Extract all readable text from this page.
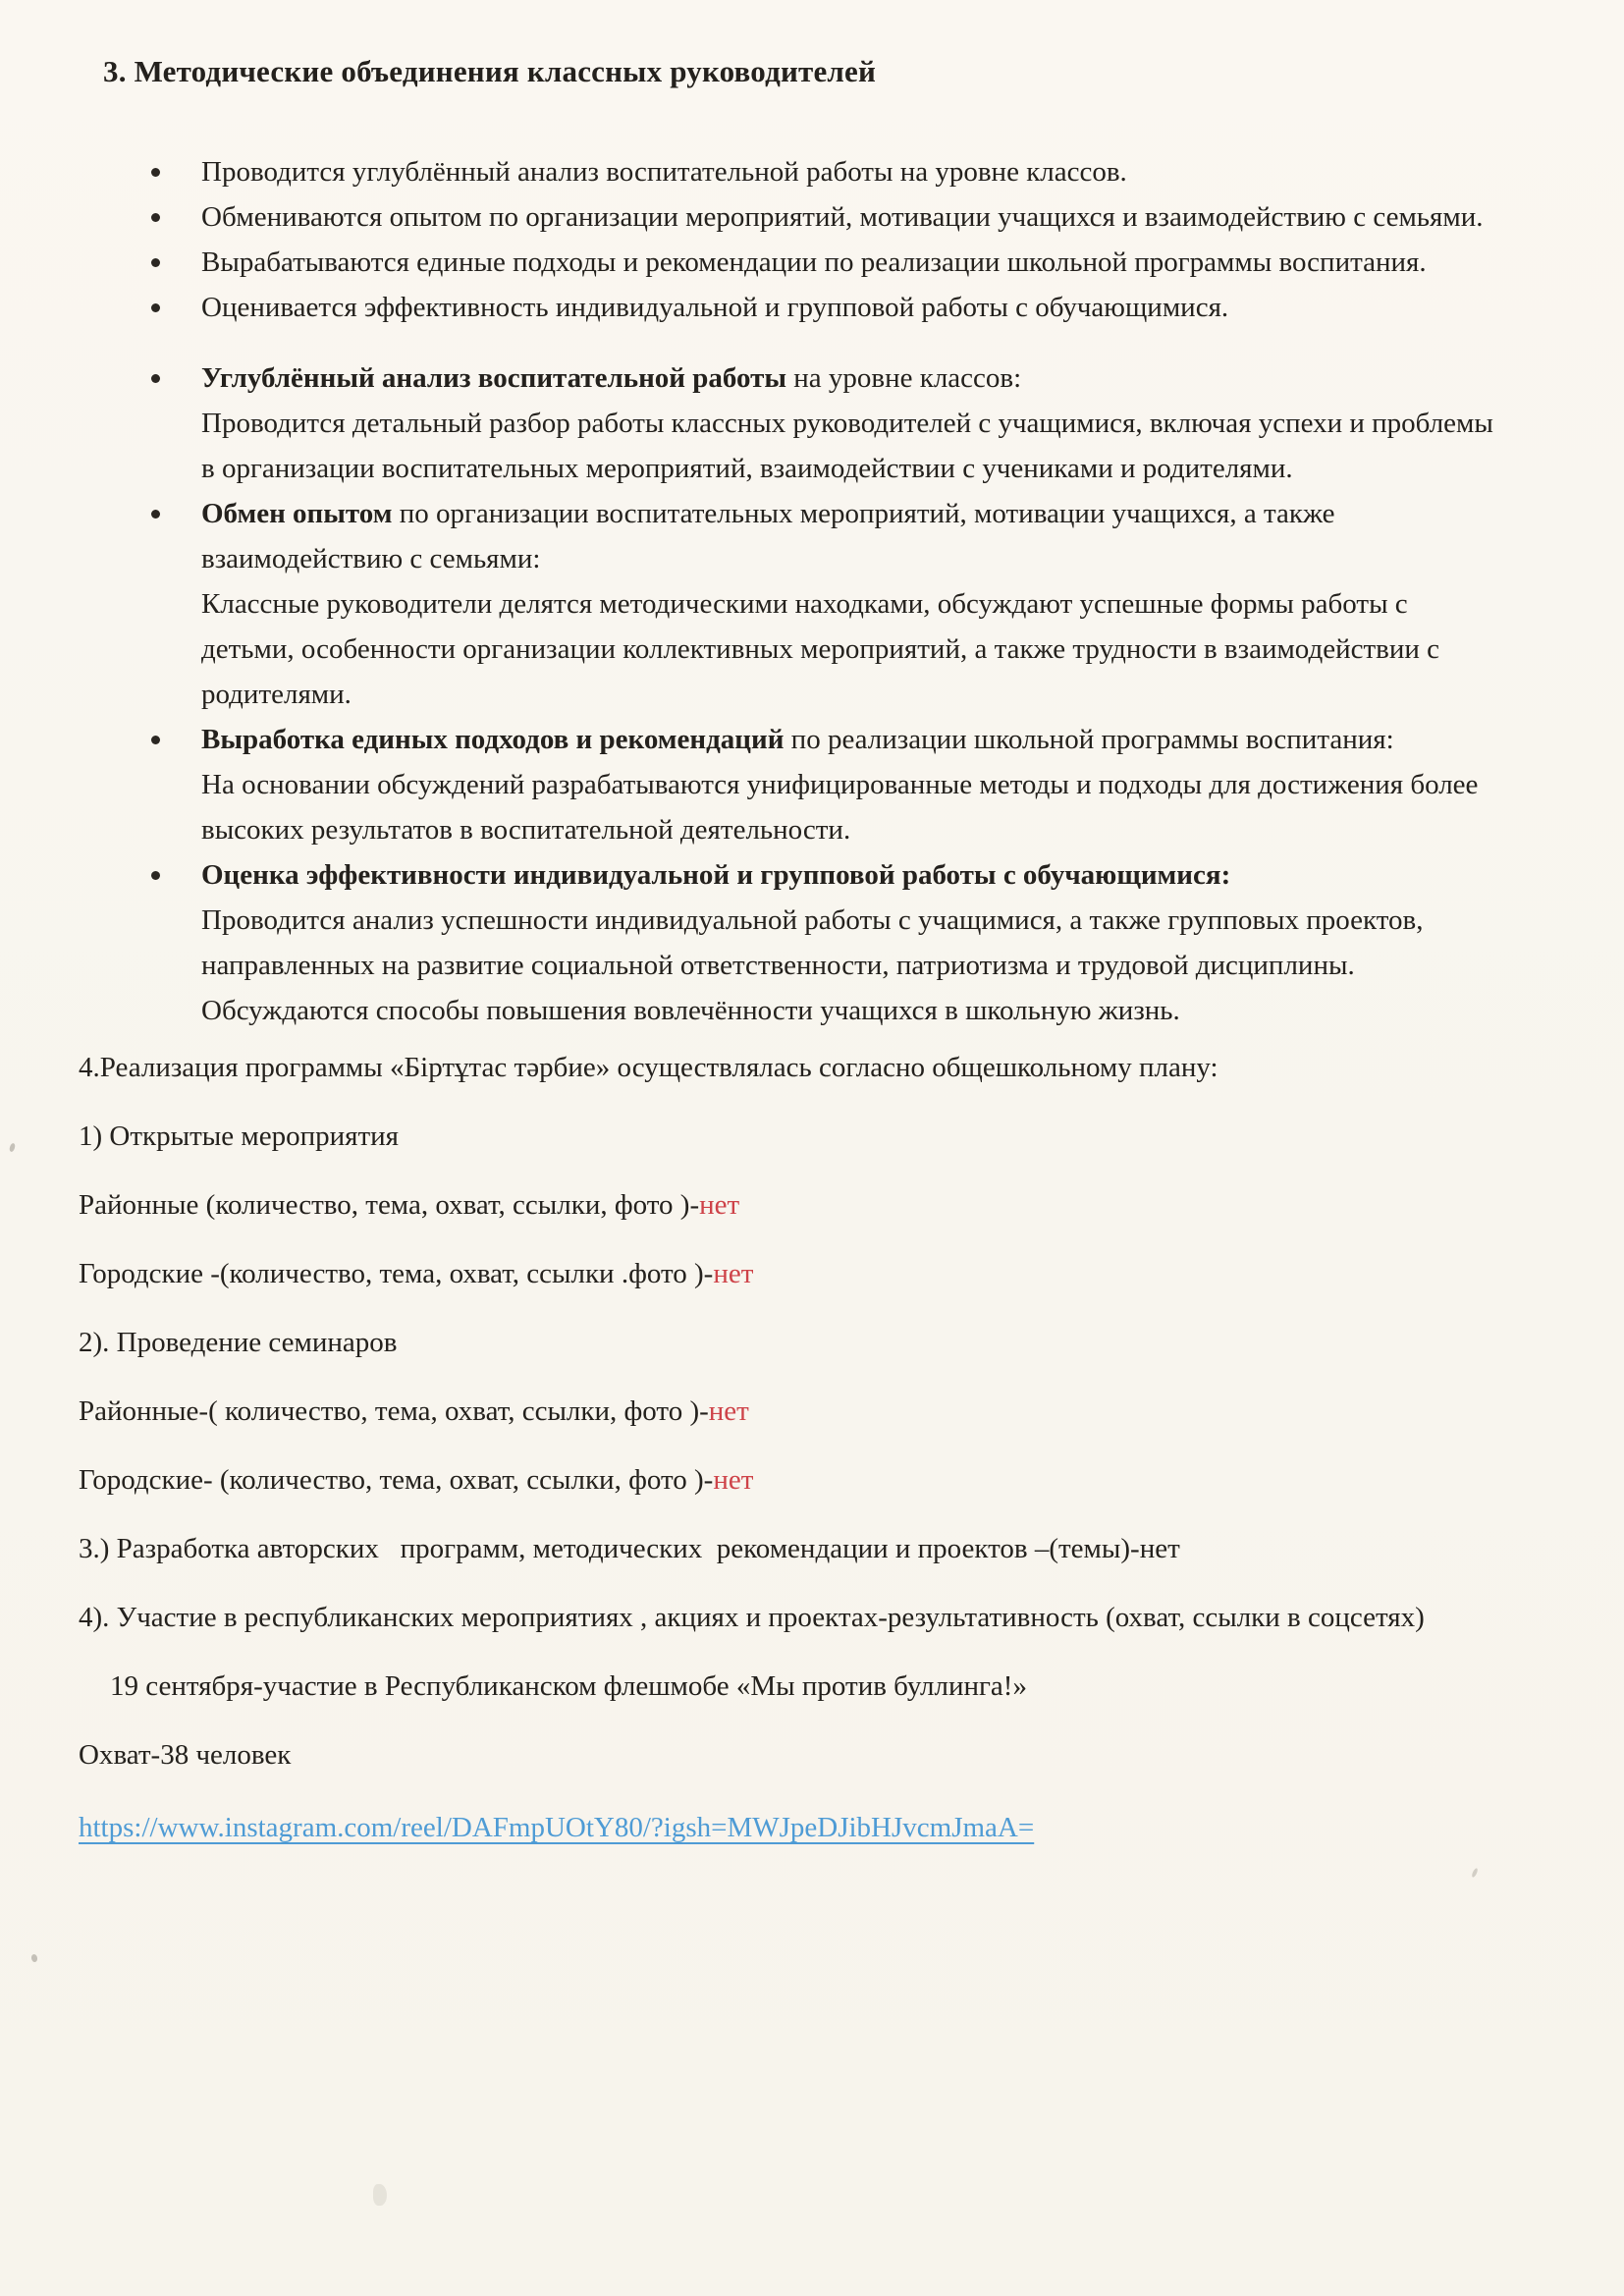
3. Методические объединения классных руководителей
Проводится углублённый анализ воспитательной работы на уровне классов.
Обмениваются опытом по организации мероприятий, мотивации учащихся и взаимодействию с семьями.
Вырабатываются единые подходы и рекомендации по реализации школьной программы воспитания.
Оценивается эффективность индивидуальной и групповой работы с обучающимися.
Углублённый анализ воспитательной работы на уровне классов:
Проводится детальный разбор работы классных руководителей с учащимися, включая успехи и проблемы в организации воспитательных мероприятий, взаимодействии с учениками и родителями.
Обмен опытом по организации воспитательных мероприятий, мотивации учащихся, а также взаимодействию с семьями:
Классные руководители делятся методическими находками, обсуждают успешные формы работы с детьми, особенности организации коллективных мероприятий, а также трудности в взаимодействии с родителями.
Выработка единых подходов и рекомендаций по реализации школьной программы воспитания:
На основании обсуждений разрабатываются унифицированные методы и подходы для достижения более высоких результатов в воспитательной деятельности.
Оценка эффективности индивидуальной и групповой работы с обучающимися:
Проводится анализ успешности индивидуальной работы с учащимися, а также групповых проектов, направленных на развитие социальной ответственности, патриотизма и трудовой дисциплины. Обсуждаются способы повышения вовлечённости учащихся в школьную жизнь.

4.Реализация программы «Біртұтас тәрбие» осуществлялась согласно общешкольному плану:

1) Открытые мероприятия
Районные (количество, тема, охват, ссылки, фото )-нет
Городские -(количество, тема, охват, ссылки .фото )-нет
2). Проведение семинаров
Районные-( количество, тема, охват, ссылки, фото )-нет
Городские- (количество, тема, охват, ссылки, фото )-нет
3.) Разработка авторских   программ, методических  рекомендации и проектов –(темы)-нет
4). Участие в республиканских мероприятиях , акциях и проектах-результативность (охват, ссылки в соцсетях)
19 сентября-участие в Республиканском флешмобе «Мы против буллинга!»
Охват-38 человек
https://www.instagram.com/reel/DAFmpUOtY80/?igsh=MWJpeDJibHJvcmJmaA=
